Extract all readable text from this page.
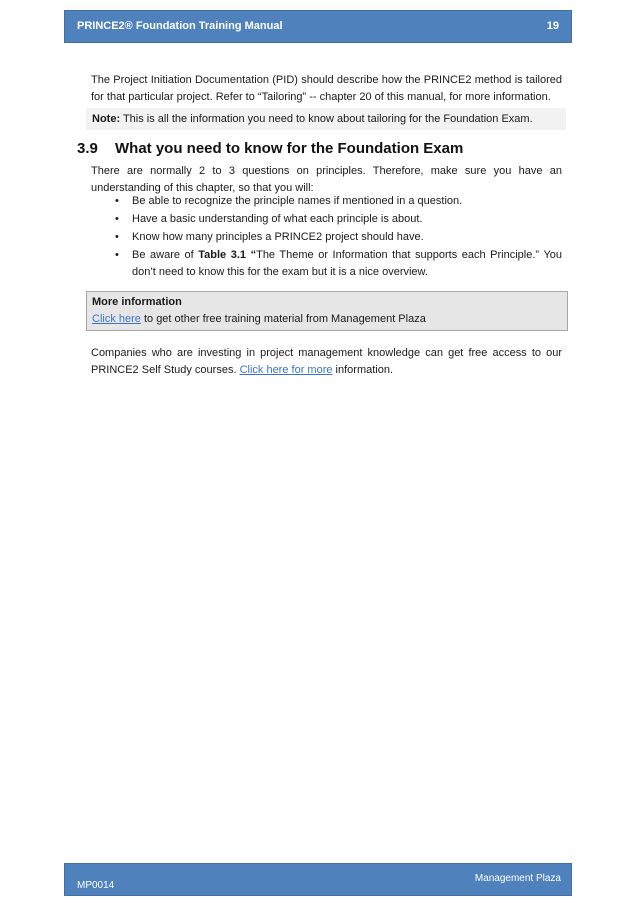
PRINCE2® Foundation Training Manual	19
The Project Initiation Documentation (PID) should describe how the PRINCE2 method is tailored for that particular project. Refer to “Tailoring” -- chapter 20 of this manual, for more information.
Note: This is all the information you need to know about tailoring for the Foundation Exam.
3.9 What you need to know for the Foundation Exam
There are normally 2 to 3 questions on principles. Therefore, make sure you have an understanding of this chapter, so that you will:
• Be able to recognize the principle names if mentioned in a question.
• Have a basic understanding of what each principle is about.
• Know how many principles a PRINCE2 project should have.
• Be aware of Table 3.1 “The Theme or Information that supports each Principle.” You don’t need to know this for the exam but it is a nice overview.
More information
Click here to get other free training material from Management Plaza
Companies who are investing in project management knowledge can get free access to our PRINCE2 Self Study courses. Click here for more information.
MP0014
Management Plaza
